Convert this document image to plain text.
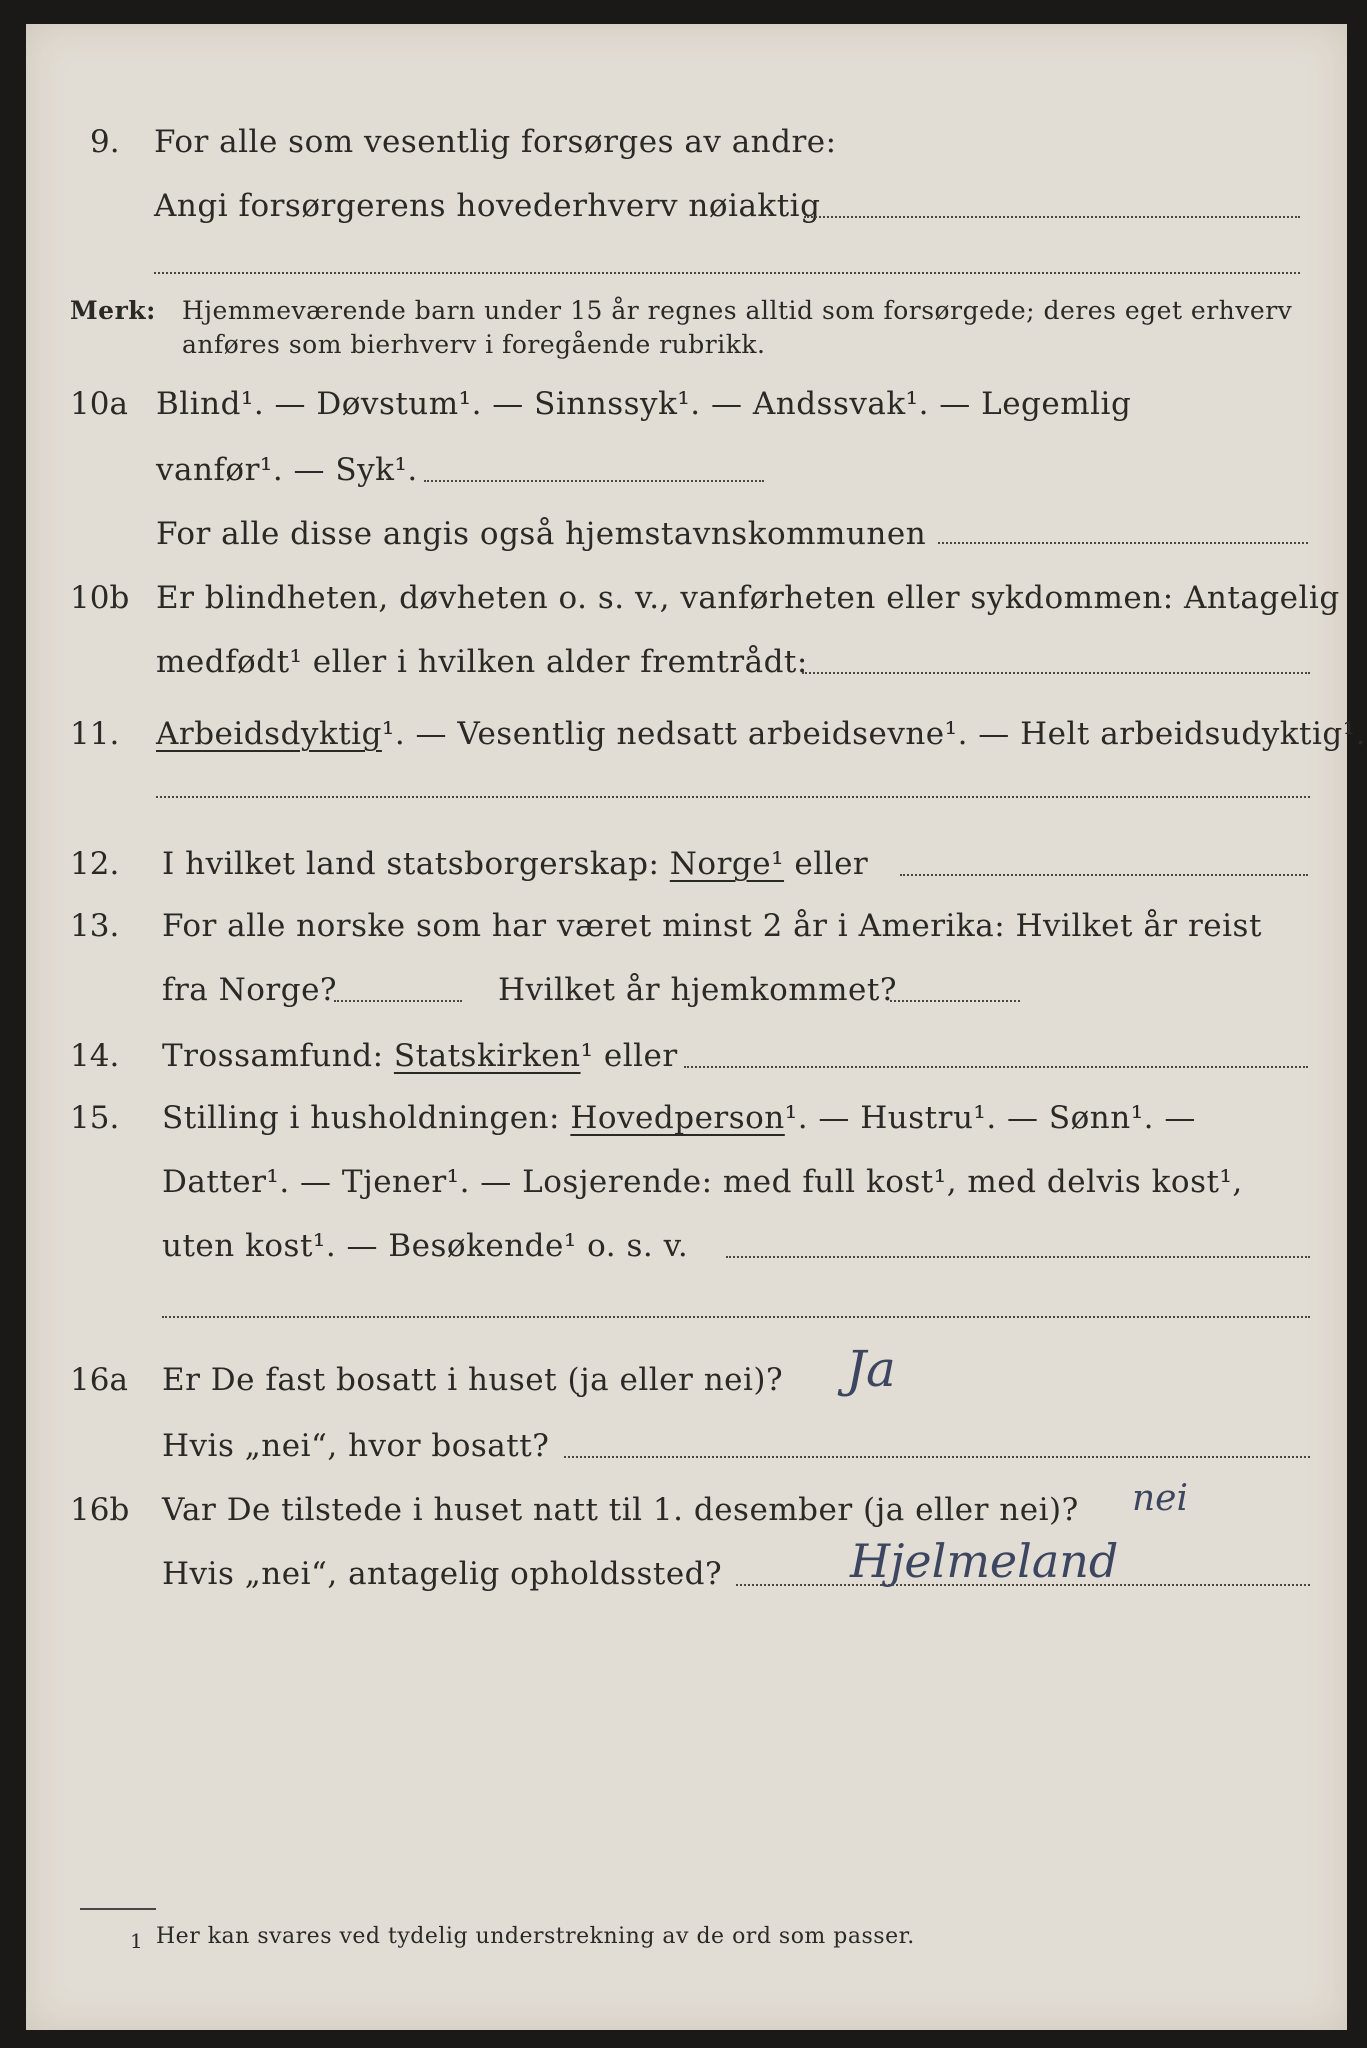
9. For alle som vesentlig forsørges av andre:
Angi forsørgerens hovederhverv nøiaktig
Merk: Hjemmeværende barn under 15 år regnes alltid som forsørgede; deres eget erhverv
anføres som bierhverv i foregående rubrikk.
10a Blind¹. — Døvstum¹. — Sinnssyk¹. — Andssvak¹. — Legemlig
vanfør¹. — Syk¹.
For alle disse angis også hjemstavnskommunen
10b Er blindheten, døvheten o. s. v., vanførheten eller sykdommen: Antagelig
medfødt¹ eller i hvilken alder fremtrådt:
11. Arbeidsdyktig¹. — Vesentlig nedsatt arbeidsevne¹. — Helt arbeidsudyktig¹.
12. I hvilket land statsborgerskap: Norge¹ eller
13. For alle norske som har været minst 2 år i Amerika: Hvilket år reist
fra Norge?	Hvilket år hjemkommet?
14. Trossamfund: Statskirken¹ eller
15. Stilling i husholdningen: Hovedperson¹. — Hustru¹. — Sønn¹. —
Datter¹. — Tjener¹. — Losjerende: med full kost¹, med delvis kost¹,
uten kost¹. — Besøkende¹ o. s. v.
16a Er De fast bosatt i huset (ja eller nei)? Ja
Hvis „nei“, hvor bosatt?
16b Var De tilstede i huset natt til 1. desember (ja eller nei)? nei
Hvis „nei“, antagelig opholdssted?	Hjelmeland
1 Her kan svares ved tydelig understrekning av de ord som passer.
